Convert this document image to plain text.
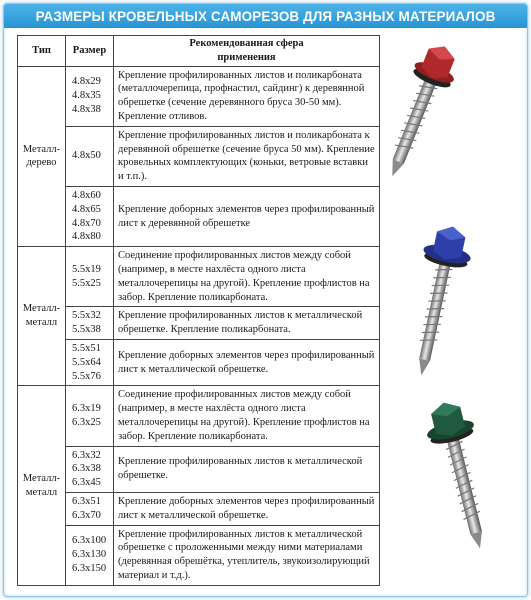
РАЗМЕРЫ КРОВЕЛЬНЫХ САМОРЕЗОВ ДЛЯ РАЗНЫХ МАТЕРИАЛОВ
Тип	Размер	Рекомендованная сфера применения
Металл-дерево	4.8x29
4.8x35
4.8x38	Крепление профилированных листов и поликарбоната (металлочерепица, профнастил, сайдинг) к деревянной обрешетке (сечение деревянного бруса 30-50 мм). Крепление отливов.

	4.8x50	Крепление профилированных листов и поликарбоната к деревянной обрешетке (сечение бруса 50 мм). Крепление кровельных комплектующих (коньки, ветровые вставки и т.п.).

	4.8x60
4.8x65
4.8x70
4.8x80	Крепление доборных элементов через профилированный лист к деревянной обрешетке
Металл-металл	5.5x19
5.5x25	Соединение профилированных листов между собой (например, в месте нахлёста одного листа металлочерепицы на другой). Крепление профлистов на забор. Крепление поликарбоната.

	5.5x32
5.5x38	Крепление профилированных листов к металлической обрешетке. Крепление поликарбоната.

	5.5x51
5.5x64
5.5x76	Крепление доборных элементов через профилированный лист к металлической обрешетке.
Металл-металл	6.3x19
6.3x25	Соединение профилированных листов между собой (например, в месте нахлёста одного листа металлочерепицы на другой). Крепление профлистов на забор. Крепление поликарбоната.

	6.3x32
6.3x38
6.3x45	Крепление профилированных листов к металлической обрешетке.

	6.3x51
6.3x70	Крепление доборных элементов через профилированный лист к металлической обрешетке.

	6.3x100
6.3x130
6.3x150	Крепление профилированных листов к металлической обрешетке с проложенными между ними материалами (деревянная обрешётка, утеплитель, звукоизолирующий материал и т.д.).
